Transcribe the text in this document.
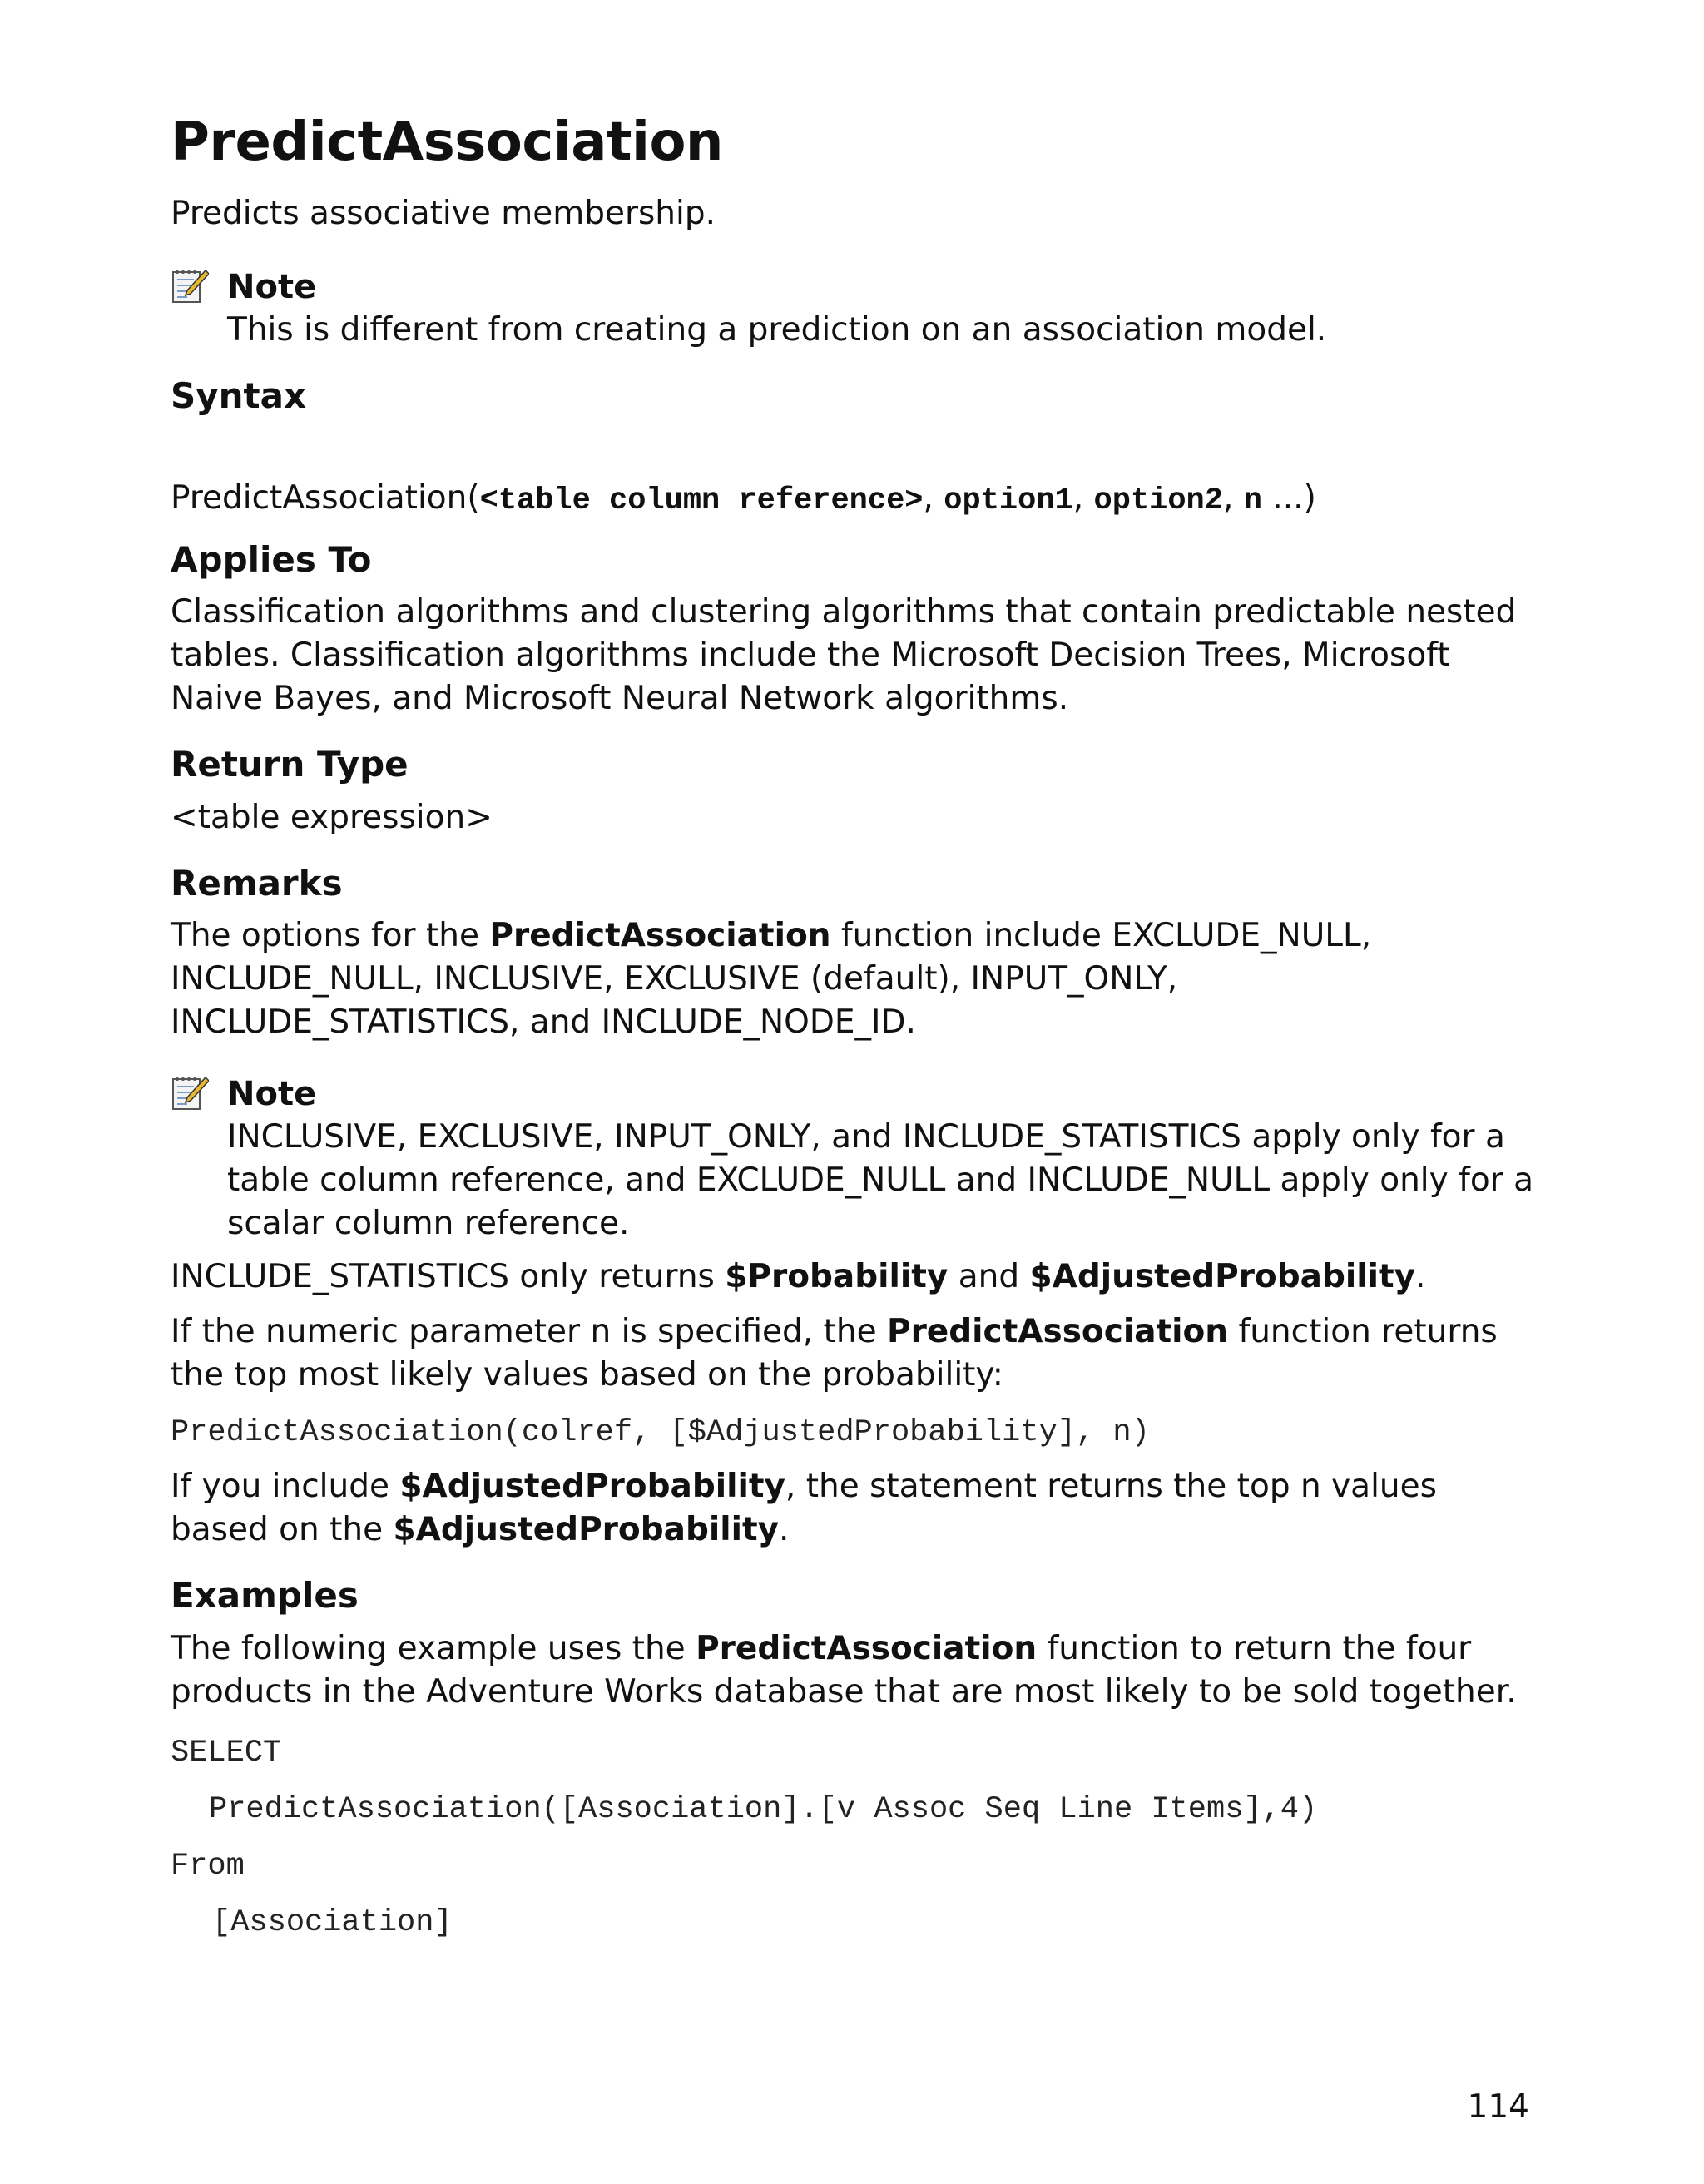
PredictAssociation

Predicts associative membership.

Note

This is different from creating a prediction on an association model.

Syntax

PredictAssociation(<table column reference>, option1, option2, n ...)

Applies To

Classification algorithms and clustering algorithms that contain predictable nested tables. Classification algorithms include the Microsoft Decision Trees, Microsoft Naive Bayes, and Microsoft Neural Network algorithms.

Return Type

<table expression>

Remarks

The options for the PredictAssociation function include EXCLUDE_NULL, INCLUDE_NULL, INCLUSIVE, EXCLUSIVE (default), INPUT_ONLY, INCLUDE_STATISTICS, and INCLUDE_NODE_ID.

Note

INCLUSIVE, EXCLUSIVE, INPUT_ONLY, and INCLUDE_STATISTICS apply only for a table column reference, and EXCLUDE_NULL and INCLUDE_NULL apply only for a scalar column reference.

INCLUDE_STATISTICS only returns $Probability and $AdjustedProbability.

If the numeric parameter n is specified, the PredictAssociation function returns the top most likely values based on the probability:

PredictAssociation(colref, [$AdjustedProbability], n)

If you include $AdjustedProbability, the statement returns the top n values based on the $AdjustedProbability.

Examples

The following example uses the PredictAssociation function to return the four products in the Adventure Works database that are most likely to be sold together.

SELECT

PredictAssociation([Association].[v Assoc Seq Line Items],4)

From

[Association]

114
